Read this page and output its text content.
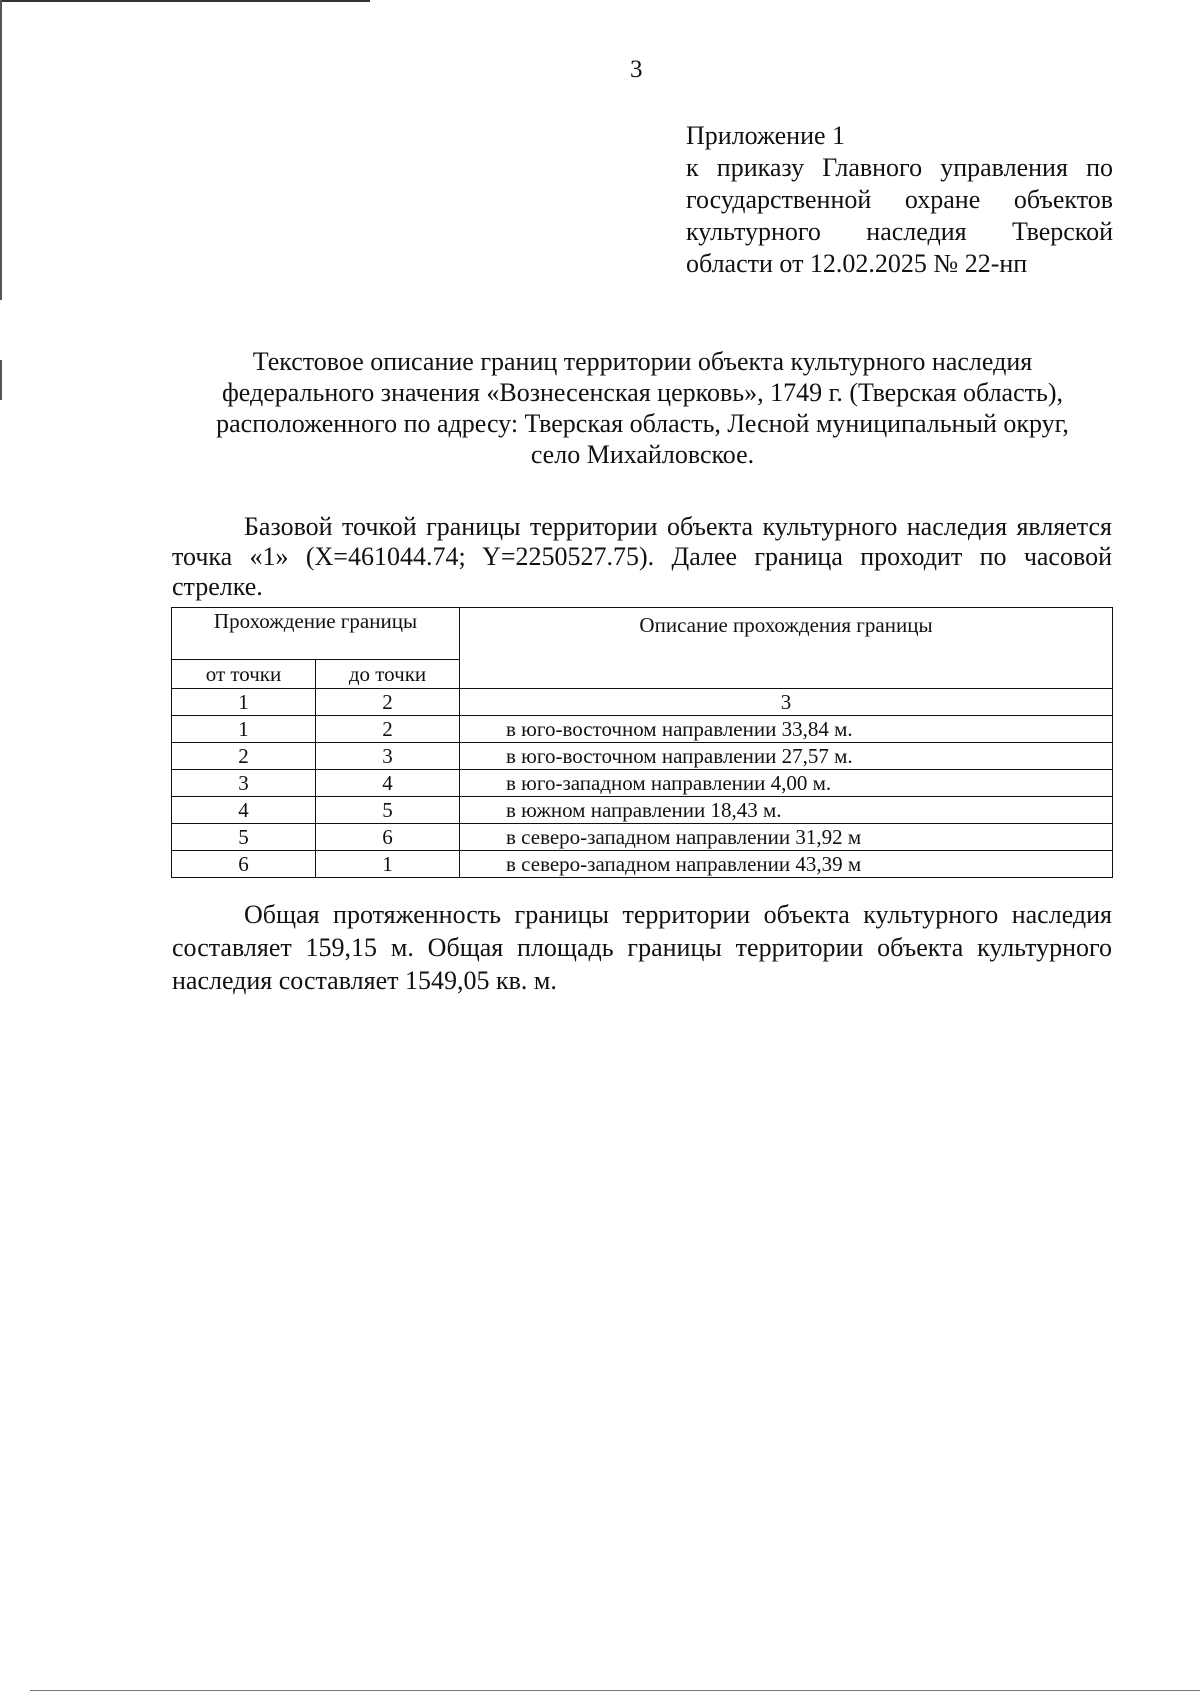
3

Приложение 1

к приказу Главного управления по

государственной охране объектов

культурного наследия Тверской

области от 12.02.2025 № 22-нп

Текстовое описание границ территории объекта культурного наследия

федерального значения «Вознесенская церковь», 1749 г. (Тверская область),

расположенного по адресу: Тверская область, Лесной муниципальный округ,

село Михайловское.

Базовой точкой границы территории объекта культурного наследия является точка «1» (X=461044.74; Y=2250527.75). Далее граница проходит по часовой стрелке.

Прохождение границы		Описание прохождения границы
от точки	до точки	
1	2	3
1	2	в юго-восточном направлении 33,84 м.
2	3	в юго-восточном направлении 27,57 м.
3	4	в юго-западном направлении 4,00 м.
4	5	в южном направлении 18,43 м.
5	6	в северо-западном направлении 31,92 м
6	1	в северо-западном направлении 43,39 м

Общая протяженность границы территории объекта культурного наследия составляет 159,15 м. Общая площадь границы территории объекта культурного наследия составляет 1549,05 кв. м.
